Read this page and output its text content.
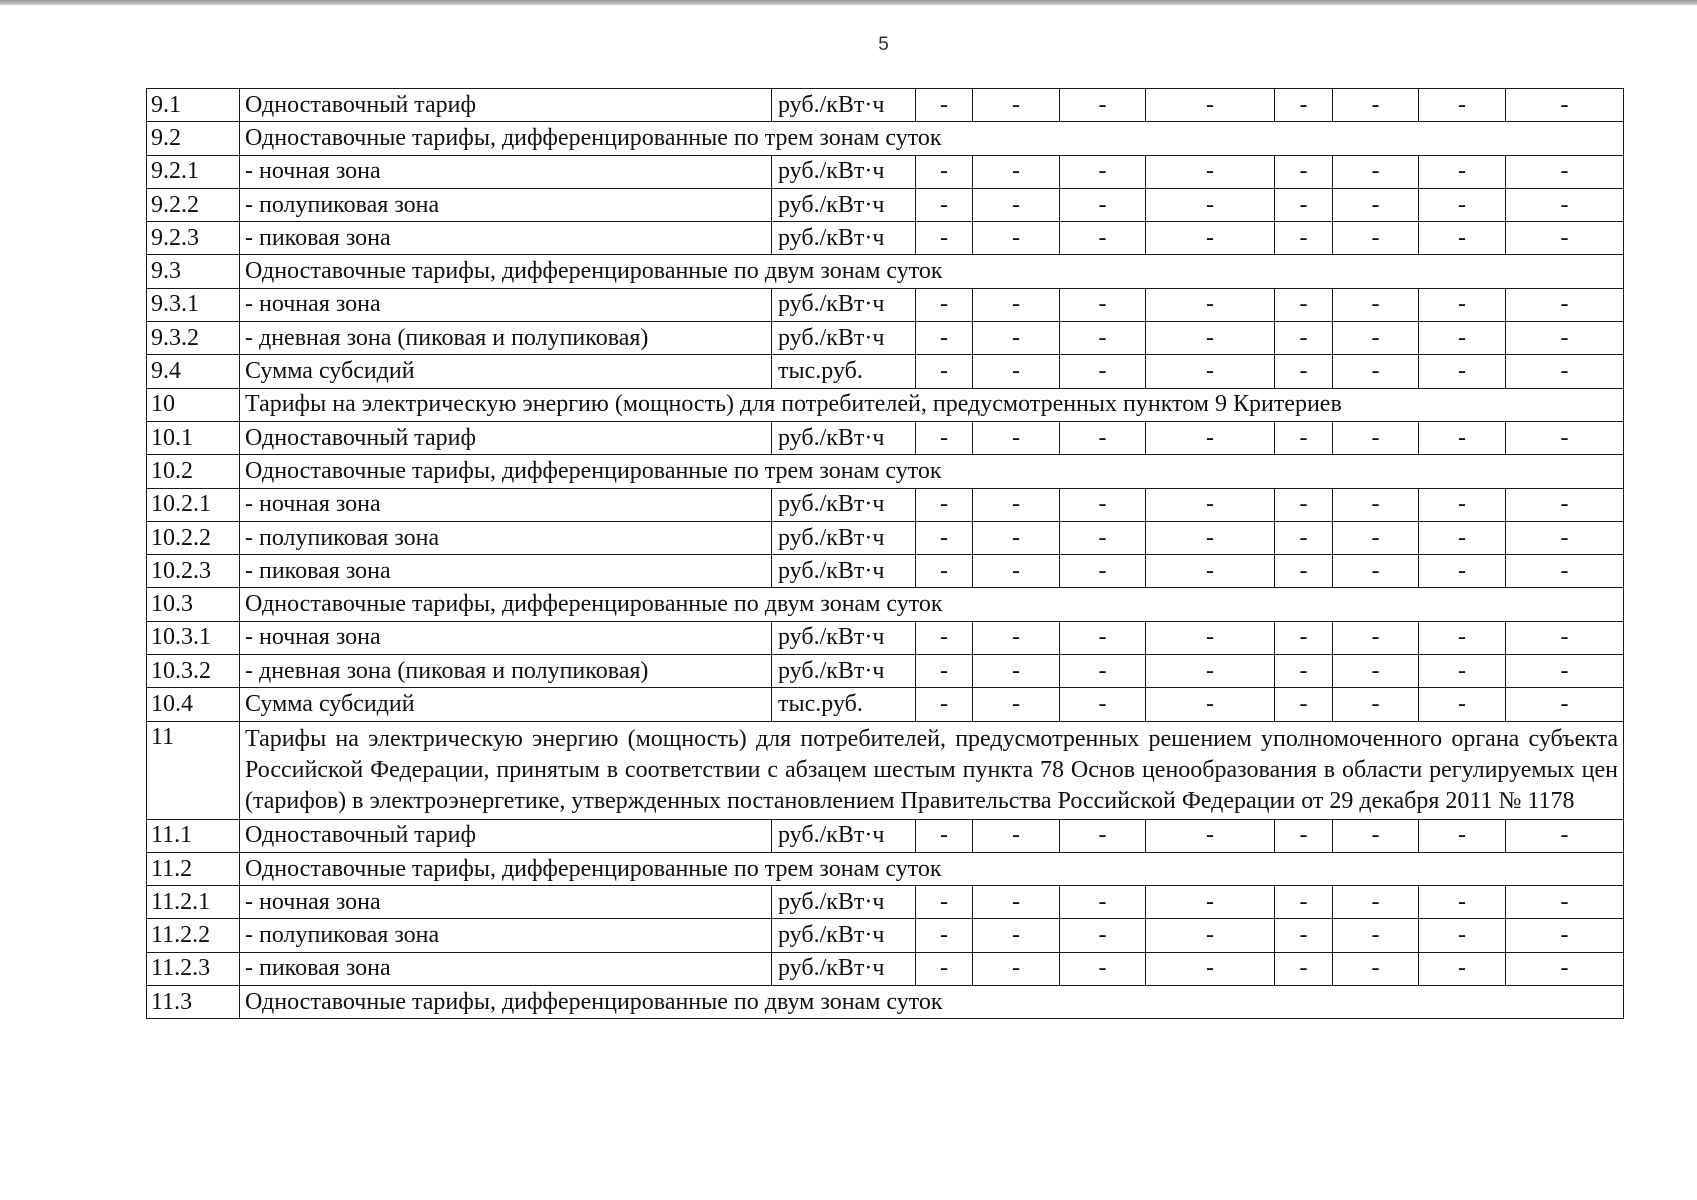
5
9.1	Одноставочный тариф	руб./кВт·ч	-	-	-	-	-	-	-	-
9.2	Одноставочные тарифы, дифференцированные по трем зонам суток									
9.2.1	- ночная зона	руб./кВт·ч	-	-	-	-	-	-	-	-
9.2.2	- полупиковая зона	руб./кВт·ч	-	-	-	-	-	-	-	-
9.2.3	- пиковая зона	руб./кВт·ч	-	-	-	-	-	-	-	-
9.3	Одноставочные тарифы, дифференцированные по двум зонам суток									
9.3.1	- ночная зона	руб./кВт·ч	-	-	-	-	-	-	-	-
9.3.2	- дневная зона (пиковая и полупиковая)	руб./кВт·ч	-	-	-	-	-	-	-	-
9.4	Сумма субсидий	тыс.руб.	-	-	-	-	-	-	-	-
10	Тарифы на электрическую энергию (мощность) для потребителей, предусмотренных пунктом 9 Критериев									
10.1	Одноставочный тариф	руб./кВт·ч	-	-	-	-	-	-	-	-
10.2	Одноставочные тарифы, дифференцированные по трем зонам суток									
10.2.1	- ночная зона	руб./кВт·ч	-	-	-	-	-	-	-	-
10.2.2	- полупиковая зона	руб./кВт·ч	-	-	-	-	-	-	-	-
10.2.3	- пиковая зона	руб./кВт·ч	-	-	-	-	-	-	-	-
10.3	Одноставочные тарифы, дифференцированные по двум зонам суток									
10.3.1	- ночная зона	руб./кВт·ч	-	-	-	-	-	-	-	-
10.3.2	- дневная зона (пиковая и полупиковая)	руб./кВт·ч	-	-	-	-	-	-	-	-
10.4	Сумма субсидий	тыс.руб.	-	-	-	-	-	-	-	-
11	Тарифы на электрическую энергию (мощность) для потребителей, предусмотренных решением уполномоченного органа субъекта Российской Федерации, принятым в соответствии с абзацем шестым пункта 78 Основ ценообразования в области регулируемых цен (тарифов) в электроэнергетике, утвержденных постановлением Правительства Российской Федерации от 29 декабря 2011 № 1178									
11.1	Одноставочный тариф	руб./кВт·ч	-	-	-	-	-	-	-	-
11.2	Одноставочные тарифы, дифференцированные по трем зонам суток									
11.2.1	- ночная зона	руб./кВт·ч	-	-	-	-	-	-	-	-
11.2.2	- полупиковая зона	руб./кВт·ч	-	-	-	-	-	-	-	-
11.2.3	- пиковая зона	руб./кВт·ч	-	-	-	-	-	-	-	-
11.3	Одноставочные тарифы, дифференцированные по двум зонам суток									
